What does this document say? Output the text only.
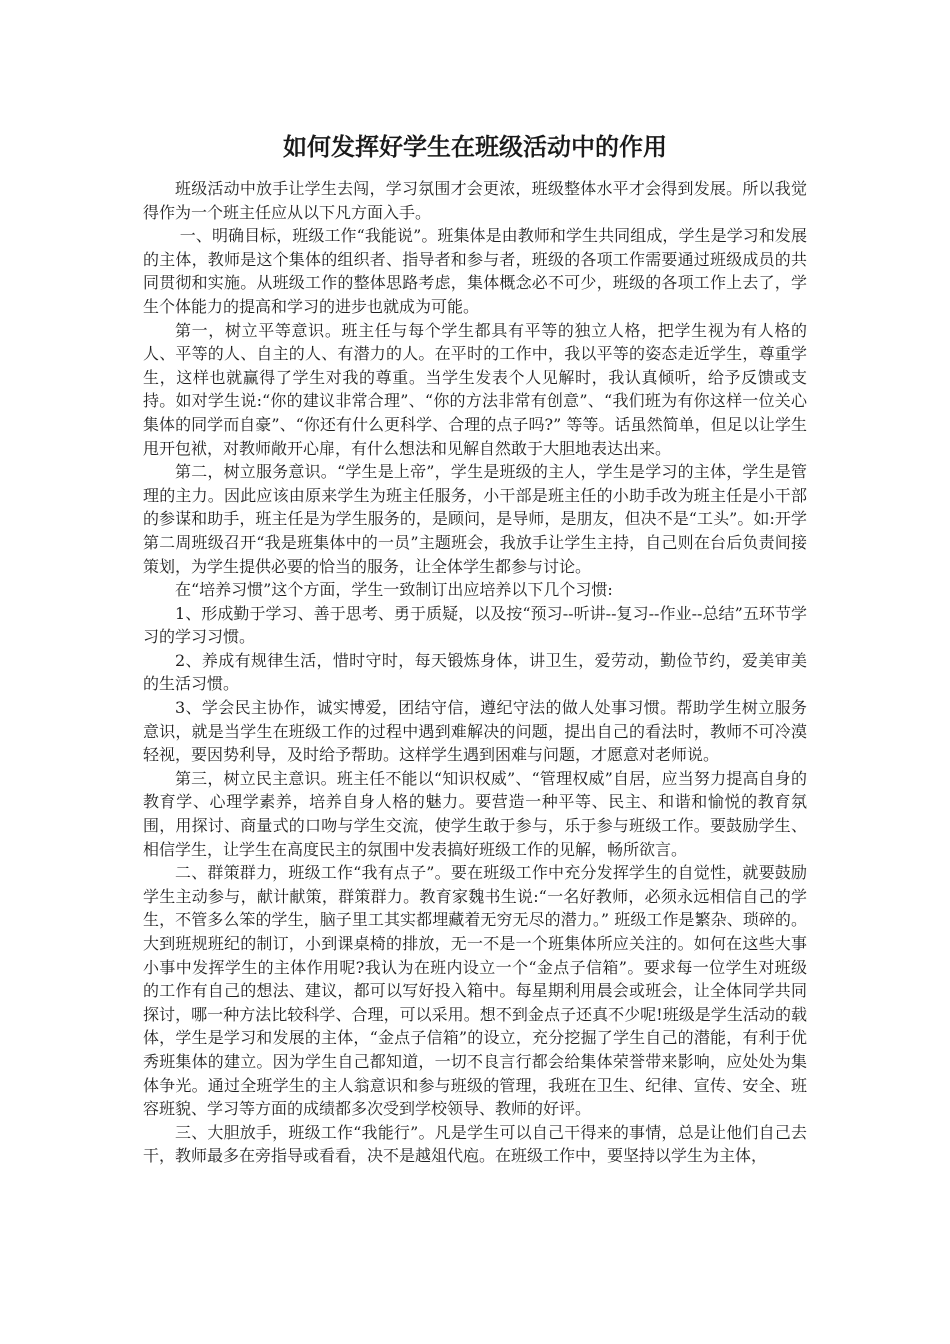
如何发挥好学生在班级活动中的作用

班级活动中放手让学生去闯，学习氛围才会更浓，班级整体水平才会得到发展。所以我觉得作为一个班主任应从以下凡方面入手。

一、明确目标，班级工作“我能说”。班集体是由教师和学生共同组成，学生是学习和发展的主体，教师是这个集体的组织者、指导者和参与者，班级的各项工作需要通过班级成员的共同贯彻和实施。从班级工作的整体思路考虑，集体概念必不可少，班级的各项工作上去了，学生个体能力的提高和学习的进步也就成为可能。

第一，树立平等意识。班主任与每个学生都具有平等的独立人格，把学生视为有人格的人、平等的人、自主的人、有潜力的人。在平时的工作中，我以平等的姿态走近学生，尊重学生，这样也就赢得了学生对我的尊重。当学生发表个人见解时，我认真倾听，给予反馈或支持。如对学生说:“你的建议非常合理”、“你的方法非常有创意”、“我们班为有你这样一位关心集体的同学而自豪”、“你还有什么更科学、合理的点子吗?” 等等。话虽然简单，但足以让学生甩开包袱，对教师敞开心扉，有什么想法和见解自然敢于大胆地表达出来。

第二，树立服务意识。“学生是上帝”，学生是班级的主人，学生是学习的主体，学生是管理的主力。因此应该由原来学生为班主任服务，小干部是班主任的小助手改为班主任是小干部的参谋和助手，班主任是为学生服务的，是顾问，是导师，是朋友，但决不是“工头”。如:开学第二周班级召开“我是班集体中的一员”主题班会，我放手让学生主持，自己则在台后负责间接策划，为学生提供必要的恰当的服务，让全体学生都参与讨论。

在“培养习惯”这个方面，学生一致制订出应培养以下几个习惯:

1、形成勤于学习、善于思考、勇于质疑，以及按“预习--听讲--复习--作业--总结”五环节学习的学习习惯。

2、养成有规律生活，惜时守时，每天锻炼身体，讲卫生，爱劳动，勤俭节约，爱美审美的生活习惯。

3、学会民主协作，诚实博爱，团结守信，遵纪守法的做人处事习惯。帮助学生树立服务意识，就是当学生在班级工作的过程中遇到难解决的问题，提出自己的看法时，教师不可冷漠轻视，要因势利导，及时给予帮助。这样学生遇到困难与问题，才愿意对老师说。

第三，树立民主意识。班主任不能以“知识权威”、“管理权威”自居，应当努力提高自身的教育学、心理学素养，培养自身人格的魅力。要营造一种平等、民主、和谐和愉悦的教育氛围，用探讨、商量式的口吻与学生交流，使学生敢于参与，乐于参与班级工作。要鼓励学生、相信学生，让学生在高度民主的氛围中发表搞好班级工作的见解，畅所欲言。

二、群策群力，班级工作“我有点子”。要在班级工作中充分发挥学生的自觉性，就要鼓励学生主动参与，献计献策，群策群力。教育家魏书生说:“一名好教师，必须永远相信自己的学生，不管多么笨的学生，脑子里工其实都埋藏着无穷无尽的潜力。” 班级工作是繁杂、琐碎的。大到班规班纪的制订，小到课桌椅的排放，无一不是一个班集体所应关注的。如何在这些大事小事中发挥学生的主体作用呢?我认为在班内设立一个“金点子信箱”。要求每一位学生对班级的工作有自己的想法、建议，都可以写好投入箱中。每星期利用晨会或班会，让全体同学共同探讨，哪一种方法比较科学、合理，可以采用。想不到金点子还真不少呢!班级是学生活动的载体，学生是学习和发展的主体，“金点子信箱”的设立，充分挖掘了学生自己的潜能，有利于优秀班集体的建立。因为学生自己都知道，一切不良言行都会给集体荣誉带来影响，应处处为集体争光。通过全班学生的主人翁意识和参与班级的管理，我班在卫生、纪律、宣传、安全、班容班貌、学习等方面的成绩都多次受到学校领导、教师的好评。

三、大胆放手，班级工作“我能行”。凡是学生可以自己干得来的事情，总是让他们自己去干，教师最多在旁指导或看看，决不是越俎代庖。在班级工作中，要坚持以学生为主体，
